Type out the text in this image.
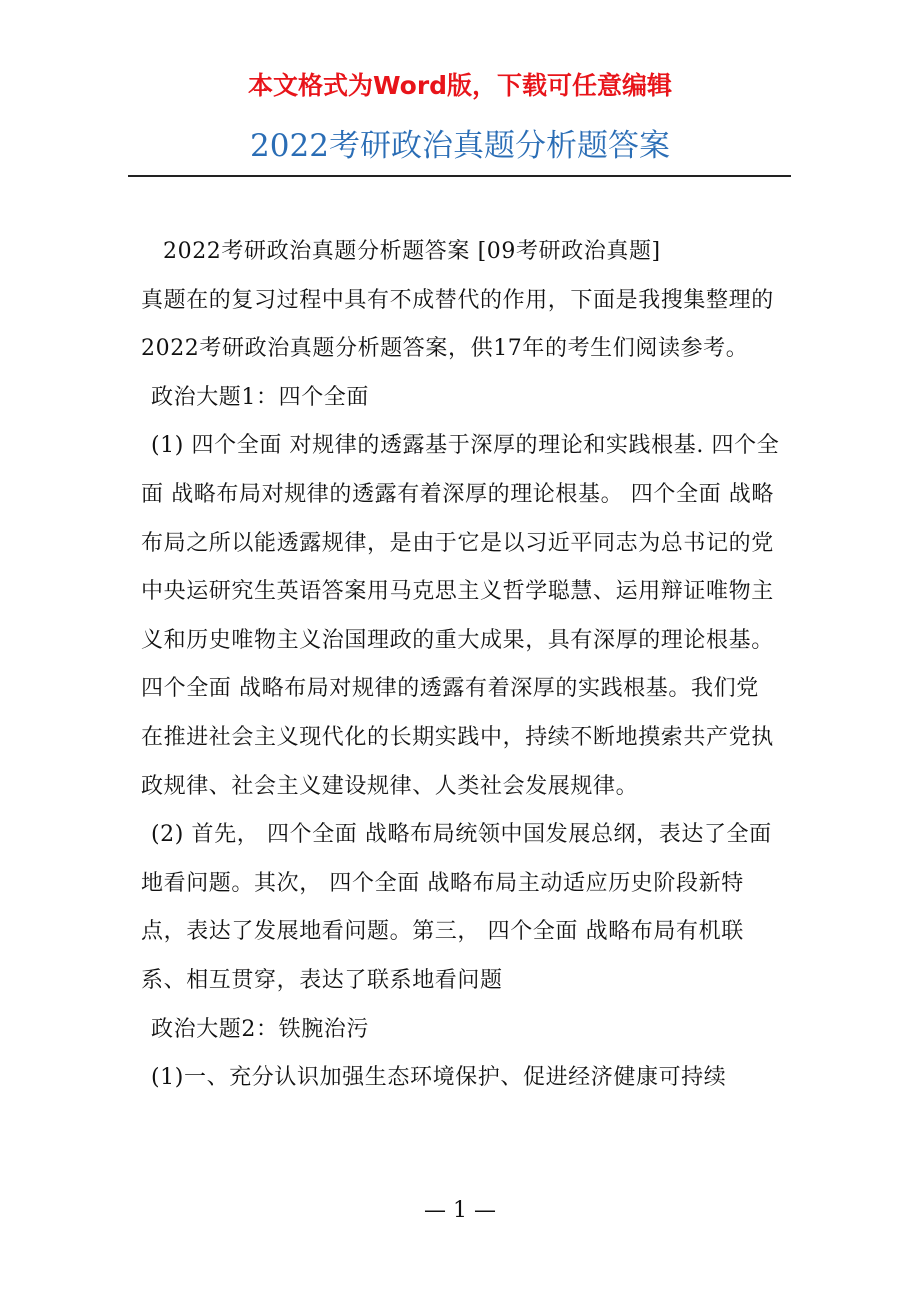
本文格式为Word版，下载可任意编辑
2022考研政治真题分析题答案

2022考研政治真题分析题答案 [09考研政治真题]

真题在的复习过程中具有不成替代的作用，下面是我搜集整理的2022考研政治真题分析题答案，供17年的考生们阅读参考。

政治大题1：四个全面

(1) 四个全面 对规律的透露基于深厚的理论和实践根基. 四个全面 战略布局对规律的透露有着深厚的理论根基。 四个全面 战略布局之所以能透露规律，是由于它是以习近平同志为总书记的党中央运研究生英语答案用马克思主义哲学聪慧、运用辩证唯物主义和历史唯物主义治国理政的重大成果，具有深厚的理论根基。 四个全面 战略布局对规律的透露有着深厚的实践根基。我们党在推进社会主义现代化的长期实践中，持续不断地摸索共产党执政规律、社会主义建设规律、人类社会发展规律。

(2) 首先， 四个全面 战略布局统领中国发展总纲，表达了全面地看问题。其次， 四个全面 战略布局主动适应历史阶段新特点，表达了发展地看问题。第三， 四个全面 战略布局有机联系、相互贯穿，表达了联系地看问题

政治大题2：铁腕治污

(1)一、充分认识加强生态环境保护、促进经济健康可持续

— 1 —
